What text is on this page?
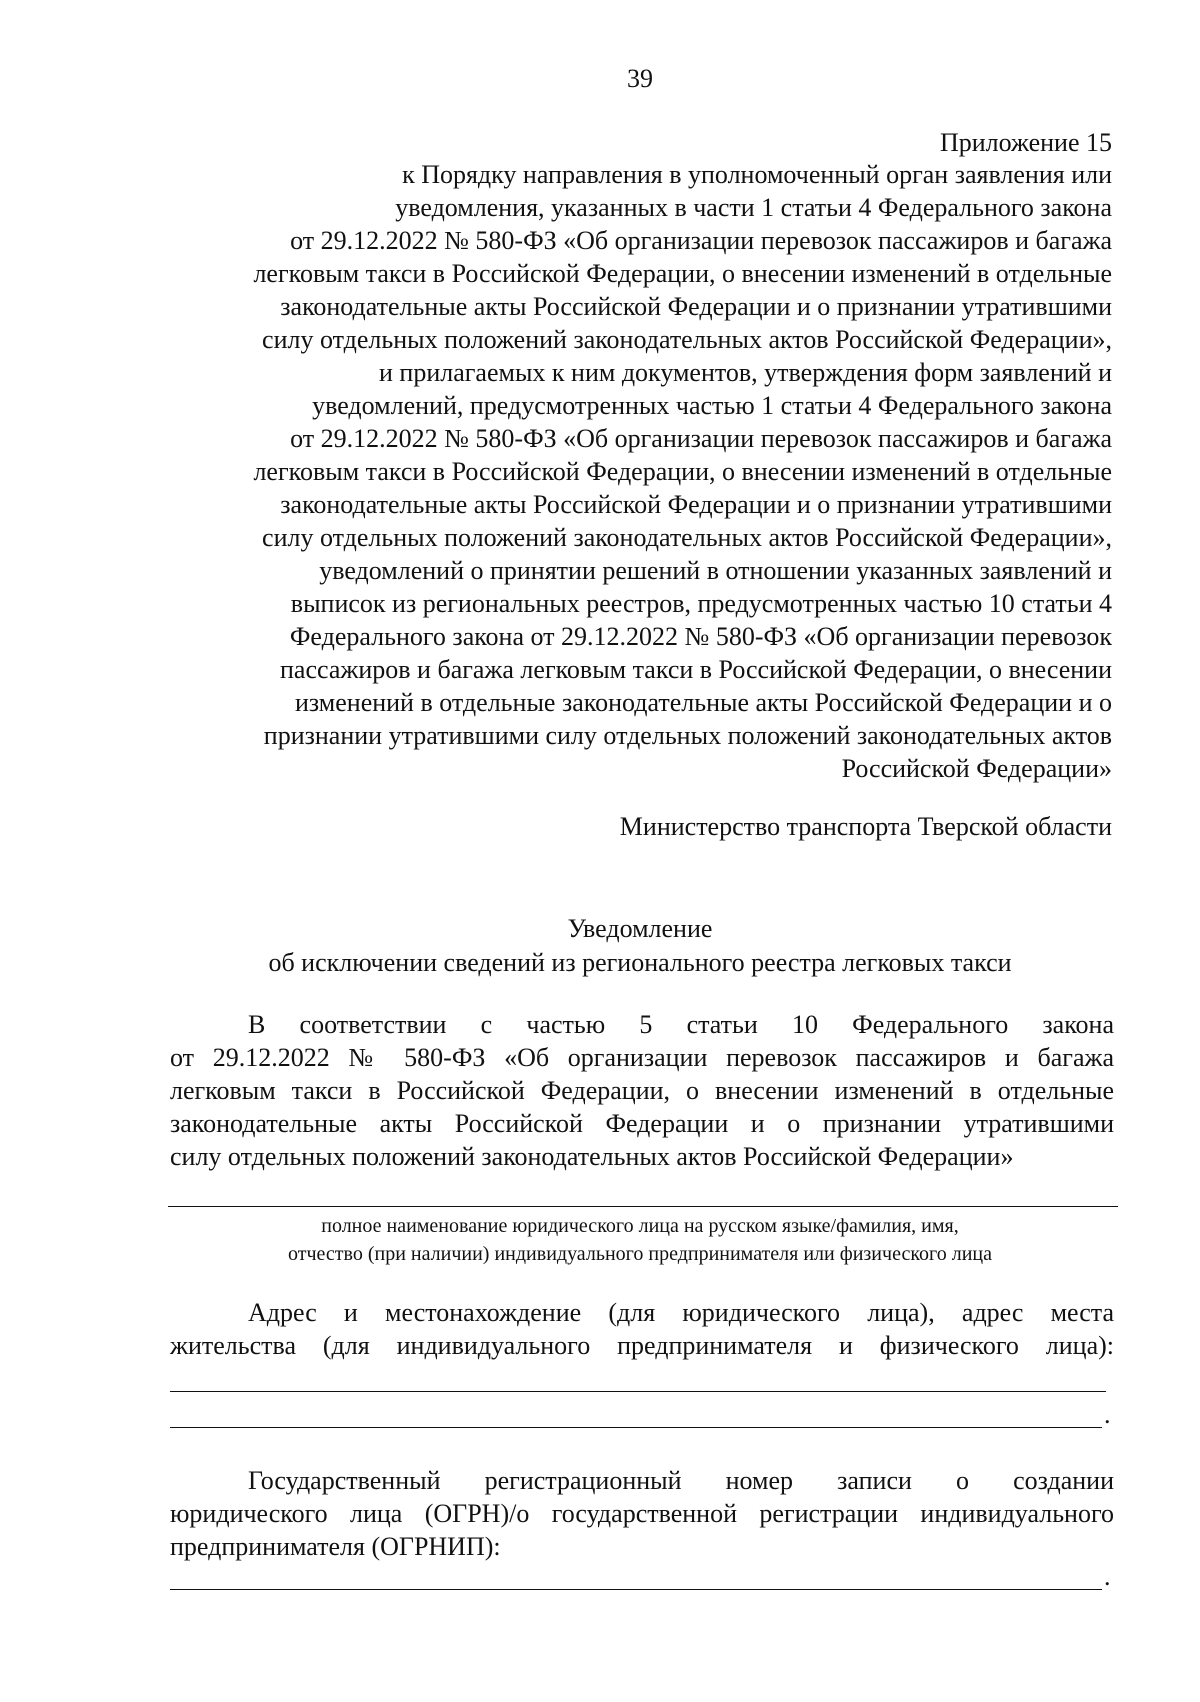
39
Приложение 15
к Порядку направления в уполномоченный орган заявления или
уведомления, указанных в части 1 статьи 4 Федерального закона
от 29.12.2022 № 580-ФЗ «Об организации перевозок пассажиров и багажа
легковым такси в Российской Федерации, о внесении изменений в отдельные
законодательные акты Российской Федерации и о признании утратившими
силу отдельных положений законодательных актов Российской Федерации»,
и прилагаемых к ним документов, утверждения форм заявлений и
уведомлений, предусмотренных частью 1 статьи 4 Федерального закона
от 29.12.2022 № 580-ФЗ «Об организации перевозок пассажиров и багажа
легковым такси в Российской Федерации, о внесении изменений в отдельные
законодательные акты Российской Федерации и о признании утратившими
силу отдельных положений законодательных актов Российской Федерации»,
уведомлений о принятии решений в отношении указанных заявлений и
выписок из региональных реестров, предусмотренных частью 10 статьи 4
Федерального закона от 29.12.2022 № 580-ФЗ «Об организации перевозок
пассажиров и багажа легковым такси в Российской Федерации, о внесении
изменений в отдельные законодательные акты Российской Федерации и о
признании утратившими силу отдельных положений законодательных актов
Российской Федерации»
Министерство транспорта Тверской области
Уведомление
об исключении сведений из регионального реестра легковых такси
В соответствии с частью 5 статьи 10 Федерального закона
от 29.12.2022 № 580-ФЗ «Об организации перевозок пассажиров и багажа
легковым такси в Российской Федерации, о внесении изменений в отдельные
законодательные акты Российской Федерации и о признании утратившими
силу отдельных положений законодательных актов Российской Федерации»
полное наименование юридического лица на русском языке/фамилия, имя,
отчество (при наличии) индивидуального предпринимателя или физического лица
Адрес и местонахождение (для юридического лица), адрес места
жительства (для индивидуального предпринимателя и физического лица):
.
Государственный регистрационный номер записи о создании
юридического лица (ОГРН)/о государственной регистрации индивидуального
предпринимателя (ОГРНИП):
.
